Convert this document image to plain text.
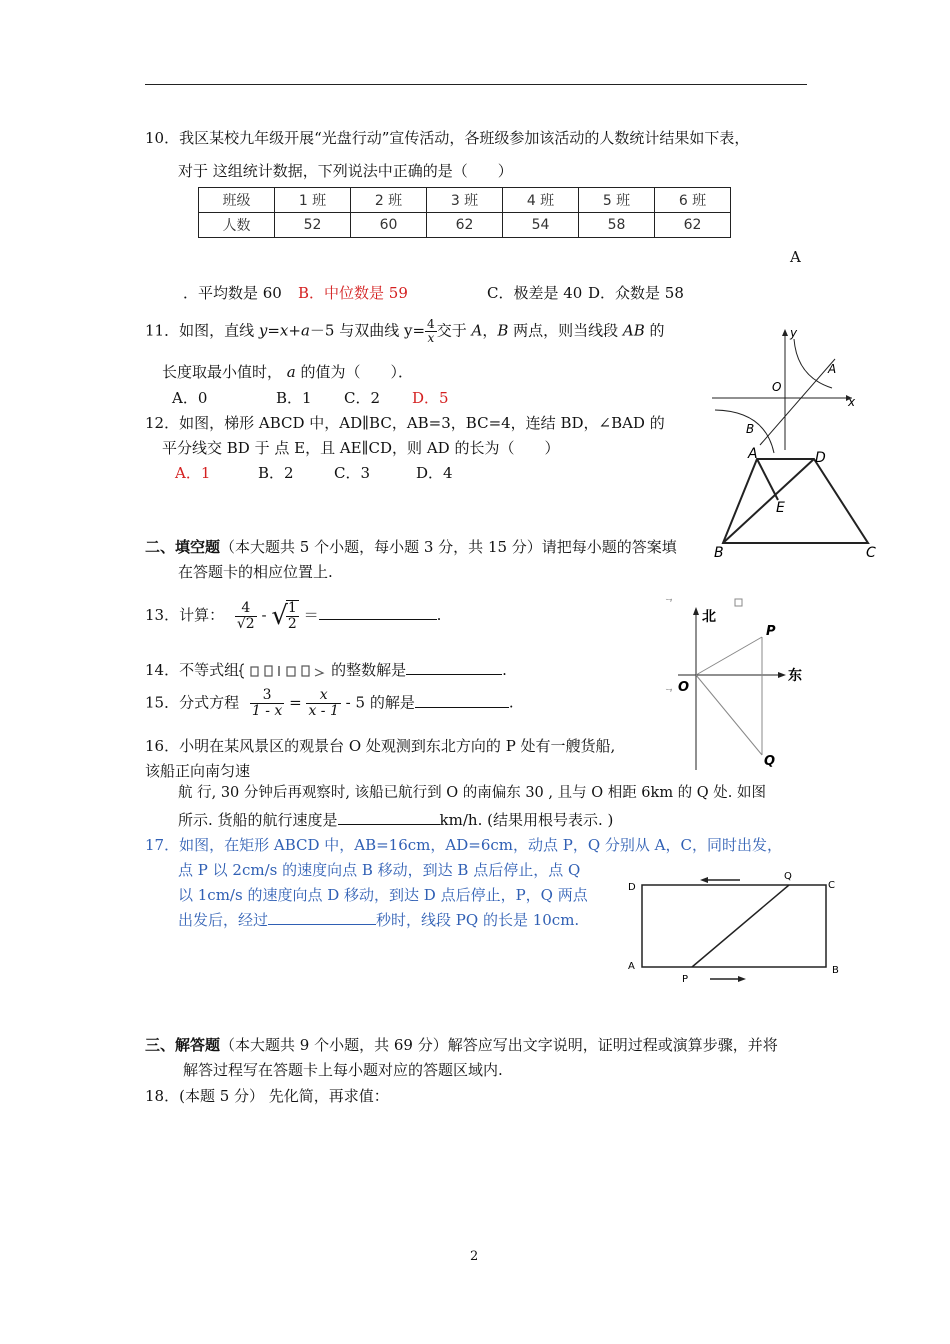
10．我区某校九年级开展“光盘行动”宣传活动，各班级参加该活动的人数统计结果如下表，
对于 这组统计数据，下列说法中正确的是（　　）
班级	1 班	2 班	3 班	4 班	5 班	6 班
人数	52	60	62	54	58	62
A
．平均数是 60 B．中位数是 59	C．极差是 40 D．众数是 58
11．如图，直线 y=x+a－5 与双曲线 $y= \frac{4}{x}$ 交于 A，B 两点，则当线段 AB 的
长度取最小值时， a 的值为（　　）．
A．0	B．1 C．2 D．5
12．如图，梯形 ABCD 中，AD∥BC，AB=3，BC=4，连结 BD，∠BAD 的
平分线交 BD 于 点 E，且 AE∥CD，则 AD 的长为（　　）
A．1	B．2	C．3	D．4
二、填空题（本大题共 5 个小题，每小题 3 分，共 15 分）请把每小题的答案填
在答题卡的相应位置上.
13．计算： $\frac{4}{√2}$ - √
$\frac{1}{2}$ ＝	.
14．不等式组	的整数解是	.
15．分式方程 $\frac{3}{1 - x} = \frac{x}{x - 1} - 5$ 的解是	.
16．小明在某风景区的观景台 O 处观测到东北方向的 P 处有一艘货船,
该船正向南匀速
航 行, 30 分钟后再观察时, 该船已航行到 O 的南偏东 30 , 且与 O 相距 6km 的 Q 处. 如图
所示. 货船的航行速度是	km/h. (结果用根号表示. )
17．如图，在矩形 ABCD 中，AB=16cm，AD=6cm，动点 P，Q 分别从 A，C，同时出发，
点 P 以 2cm/s 的速度向点 B 移动，到达 B 点后停止，点 Q
以 1cm/s 的速度向点 D 移动，到达 D 点后停止，P，Q 两点
出发后，经过	秒时，线段 PQ 的长是 10cm.
三、解答题（本大题共 9 个小题，共 69 分）解答应写出文字说明，证明过程或演算步骤，并将
解答过程写在答题卡上每小题对应的答题区域内.
18．(本题 5 分） 先化简，再求值：
2
y
x
O
A
B
A	D
E
B	C
ᄀ
ᄀ
北
东
O
P
Q
D	C
A	B
P
Q
